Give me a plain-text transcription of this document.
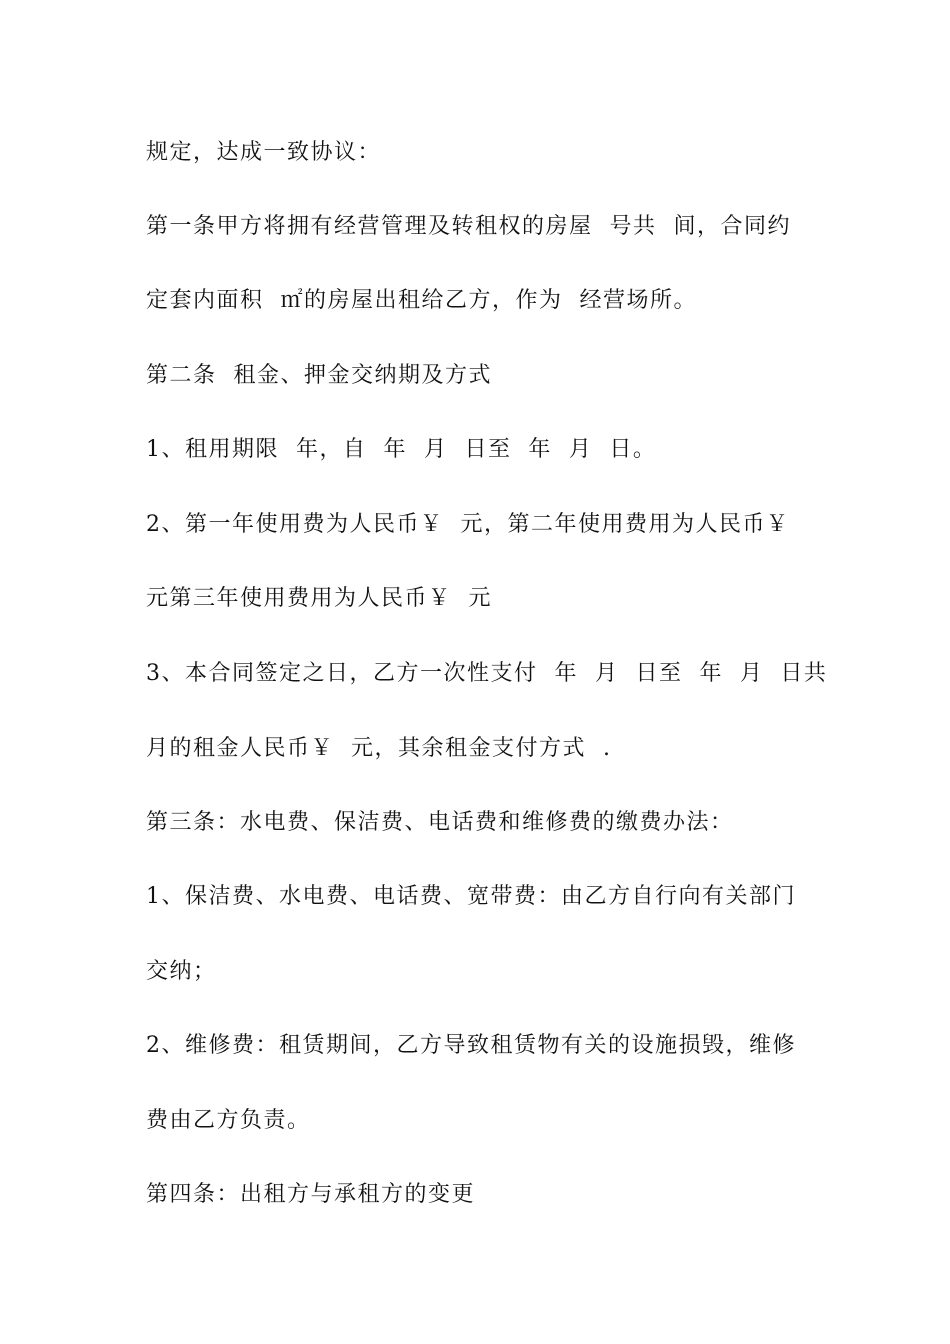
规定，达成一致协议：

第一条甲方将拥有经营管理及转租权的房屋  号共  间，合同约

定套内面积  ㎡的房屋出租给乙方，作为  经营场所。

第二条  租金、押金交纳期及方式

1、租用期限  年，自  年  月  日至  年  月  日。

2、第一年使用费为人民币￥  元，第二年使用费用为人民币￥

元第三年使用费用为人民币￥  元

3、本合同签定之日，乙方一次性支付  年  月  日至  年  月  日共

月的租金人民币￥  元，其余租金支付方式  .

第三条：水电费、保洁费、电话费和维修费的缴费办法：

1、保洁费、水电费、电话费、宽带费：由乙方自行向有关部门

交纳；

2、维修费：租赁期间，乙方导致租赁物有关的设施损毁，维修

费由乙方负责。

第四条：出租方与承租方的变更
